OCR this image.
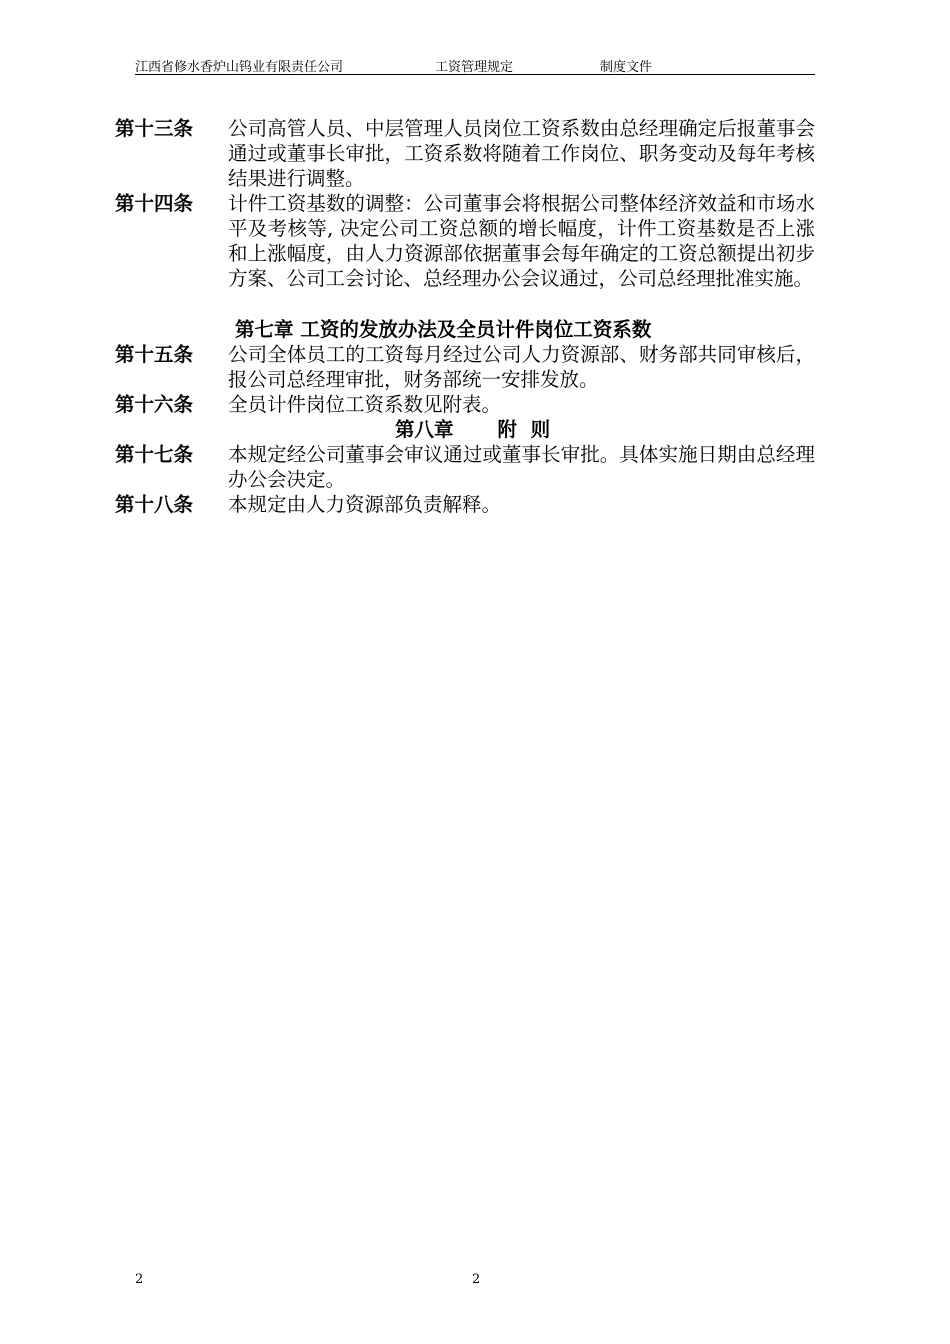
江西省修水香炉山钨业有限责任公司	工资管理规定	制度文件
第十三条	公司高管人员、中层管理人员岗位工资系数由总经理确定后报董事会通过或董事长审批，工资系数将随着工作岗位、职务变动及每年考核结果进行调整。
第十四条	计件工资基数的调整：公司董事会将根据公司整体经济效益和市场水平及考核等, 决定公司工资总额的增长幅度，计件工资基数是否上涨和上涨幅度，由人力资源部依据董事会每年确定的工资总额提出初步方案、公司工会讨论、总经理办公会议通过，公司总经理批准实施。
第七章 工资的发放办法及全员计件岗位工资系数
第十五条	公司全体员工的工资每月经过公司人力资源部、财务部共同审核后，报公司总经理审批，财务部统一安排发放。
第十六条	全员计件岗位工资系数见附表。
第八章 附  则
第十七条	本规定经公司董事会审议通过或董事长审批。具体实施日期由总经理办公会决定。
第十八条	本规定由人力资源部负责解释。
2	2
